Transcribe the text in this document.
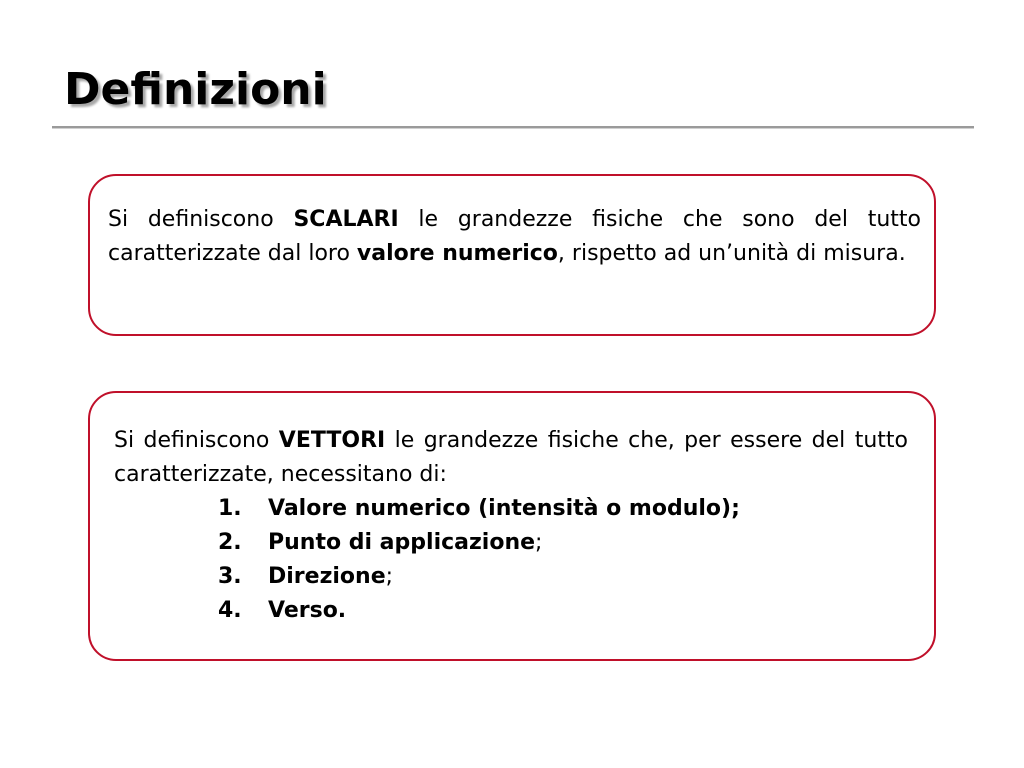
Definizioni

Si definiscono SCALARI le grandezze fisiche che sono del tutto caratterizzate dal loro valore numerico, rispetto ad un’unità di misura.

Si definiscono VETTORI le grandezze fisiche che, per essere del tutto caratterizzate, necessitano di:

1. Valore numerico (intensità o modulo);
2. Punto di applicazione;
3. Direzione;
4. Verso.
